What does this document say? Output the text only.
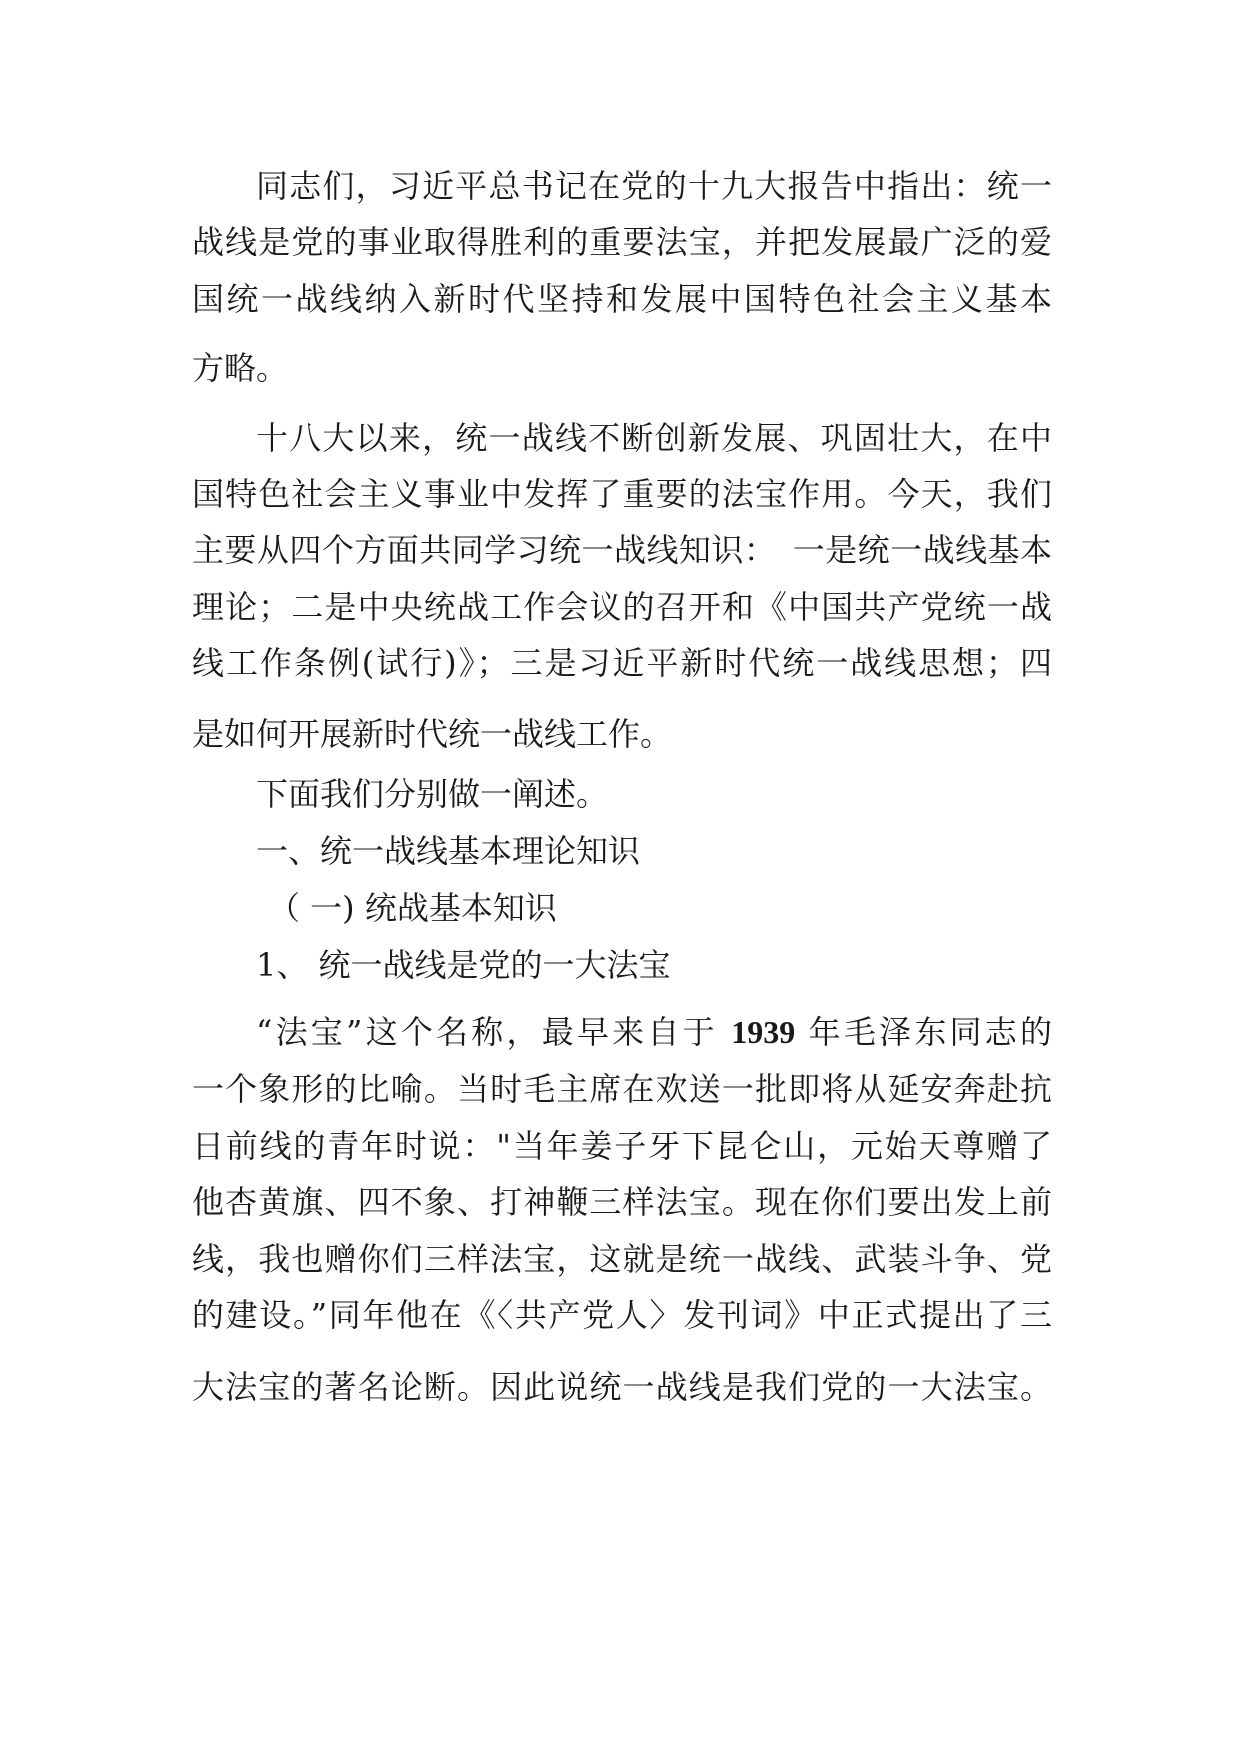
同志们，习近平总书记在党的十九大报告中指出：统一
战线是党的事业取得胜利的重要法宝，并把发展最广泛的爱
国统一战线纳入新时代坚持和发展中国特色社会主义基本
方略。
十八大以来，统一战线不断创新发展、巩固壮大，在中
国特色社会主义事业中发挥了重要的法宝作用。今天，我们
主要从四个方面共同学习统一战线知识：　一是统一战线基本
理论；二是中央统战工作会议的召开和《中国共产党统一战
线工作条例(试行)》；三是习近平新时代统一战线思想；四
是如何开展新时代统一战线工作。
下面我们分别做一阐述。
一、统一战线基本理论知识
（ 一) 统战基本知识
1、 统一战线是党的一大法宝
“法宝”这个名称，最早来自于 1939 年毛泽东同志的
一个象形的比喻。当时毛主席在欢送一批即将从延安奔赴抗
日前线的青年时说："当年姜子牙下昆仑山，元始天尊赠了
他杏黄旗、四不象、打神鞭三样法宝。现在你们要出发上前
线，我也赠你们三样法宝，这就是统一战线、武装斗争、党
的建设。”同年他在《〈共产党人〉发刊词》中正式提出了三
大法宝的著名论断。因此说统一战线是我们党的一大法宝。
